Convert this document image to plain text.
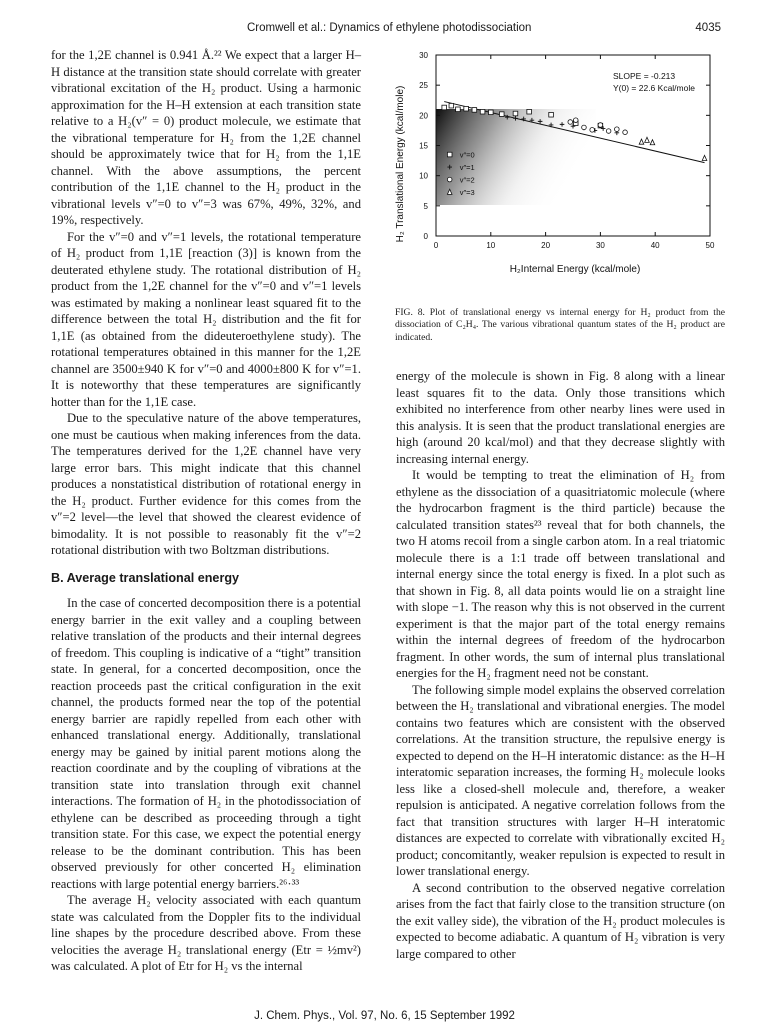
Cromwell et al.: Dynamics of ethylene photodissociation	4035

for the 1,2E channel is 0.941 Å.²² We expect that a larger H–H distance at the transition state should correlate with greater vibrational excitation of the H₂ product. Using a harmonic approximation for the H–H extension at each transition state relative to a H₂(v″ = 0) product molecule, we estimate that the vibrational temperature for H₂ from the 1,2E channel should be approximately twice that for H₂ from the 1,1E channel. With the above assumptions, the percent contribution of the 1,1E channel to the H₂ product in the vibrational levels v″=0 to v″=3 was 67%, 49%, 32%, and 19%, respectively.

For the v″=0 and v″=1 levels, the rotational temperature of H₂ product from 1,1E [reaction (3)] is known from the deuterated ethylene study. The rotational distribution of H₂ product from the 1,2E channel for the v″=0 and v″=1 levels was estimated by making a nonlinear least squared fit to the difference between the total H₂ distribution and the fit for 1,1E (as obtained from the dideuteroethylene study). The rotational temperatures obtained in this manner for the 1,2E channel are 3500±940 K for v″=0 and 4000±800 K for v″=1. It is noteworthy that these temperatures are significantly hotter than for the 1,1E case.

Due to the speculative nature of the above temperatures, one must be cautious when making inferences from the data. The temperatures derived for the 1,2E channel have very large error bars. This might indicate that this channel produces a nonstatistical distribution of rotational energy in the H₂ product. Further evidence for this comes from the v″=2 level—the level that showed the clearest evidence of bimodality. It is not possible to reasonably fit the v″=2 rotational distribution with two Boltzman distributions.

B. Average translational energy

In the case of concerted decomposition there is a potential energy barrier in the exit valley and a coupling between relative translation of the products and their internal degrees of freedom. This coupling is indicative of a “tight” transition state. In general, for a concerted decomposition, once the reaction proceeds past the critical configuration in the exit channel, the products formed near the top of the potential energy barrier are rapidly repelled from each other with enhanced translational energy. Additionally, translational energy may be gained by initial parent motions along the reaction coordinate and by the coupling of vibrations at the transition state into translation through exit channel interactions. The formation of H₂ in the photodissociation of ethylene can be described as proceeding through a tight transition state. For this case, we expect the potential energy release to be the dominant contribution. This has been observed previously for other concerted H₂ elimination reactions with large potential energy barriers.²⁶·³³

The average H₂ velocity associated with each quantum state was calculated from the Doppler fits to the individual line shapes by the procedure described above. From these velocities the average H₂ translational energy (Etr = ½mv²) was calculated. A plot of Etr for H₂ vs the internal

0	10	20	30	40	50
0
5
10
15
20
25
30
SLOPE = -0.213
Y(0) = 22.6 Kcal/mole
H₂Internal Energy (kcal/mole)
H₂ Translational Energy (kcal/mole)	v″=0
v″=1
v″=2
v″=3
FIG. 8. Plot of translational energy vs internal energy for H₂ product from the dissociation of C₂H₄. The various vibrational quantum states of the H₂ product are indicated.

energy of the molecule is shown in Fig. 8 along with a linear least squares fit to the data. Only those transitions which exhibited no interference from other nearby lines were used in this analysis. It is seen that the product translational energies are high (around 20 kcal/mol) and that they decrease slightly with increasing internal energy.

It would be tempting to treat the elimination of H₂ from ethylene as the dissociation of a quasitriatomic molecule (where the hydrocarbon fragment is the third particle) because the calculated transition states²³ reveal that for both channels, the two H atoms recoil from a single carbon atom. In a real triatomic molecule there is a 1:1 trade off between translational and internal energy since the total energy is fixed. In a plot such as that shown in Fig. 8, all data points would lie on a straight line with slope −1. The reason why this is not observed in the current experiment is that the major part of the total energy remains within the internal degrees of freedom of the hydrocarbon fragment. In other words, the sum of internal plus translational energies for the H₂ fragment need not be constant.

The following simple model explains the observed correlation between the H₂ translational and vibrational energies. The model contains two features which are consistent with the observed correlations. At the transition structure, the repulsive energy is expected to depend on the H–H interatomic distance: as the H–H interatomic separation increases, the forming H₂ molecule looks less like a closed-shell molecule and, therefore, a weaker repulsion is anticipated. A negative correlation follows from the fact that transition structures with larger H–H interatomic distances are expected to correlate with vibrationally excited H₂ product; concomitantly, weaker repulsion is expected to result in lower translational energy.

A second contribution to the observed negative correlation arises from the fact that fairly close to the transition structure (on the exit valley side), the vibration of the H₂ product molecules is expected to become adiabatic. A quantum of H₂ vibration is very large compared to other

J. Chem. Phys., Vol. 97, No. 6, 15 September 1992
